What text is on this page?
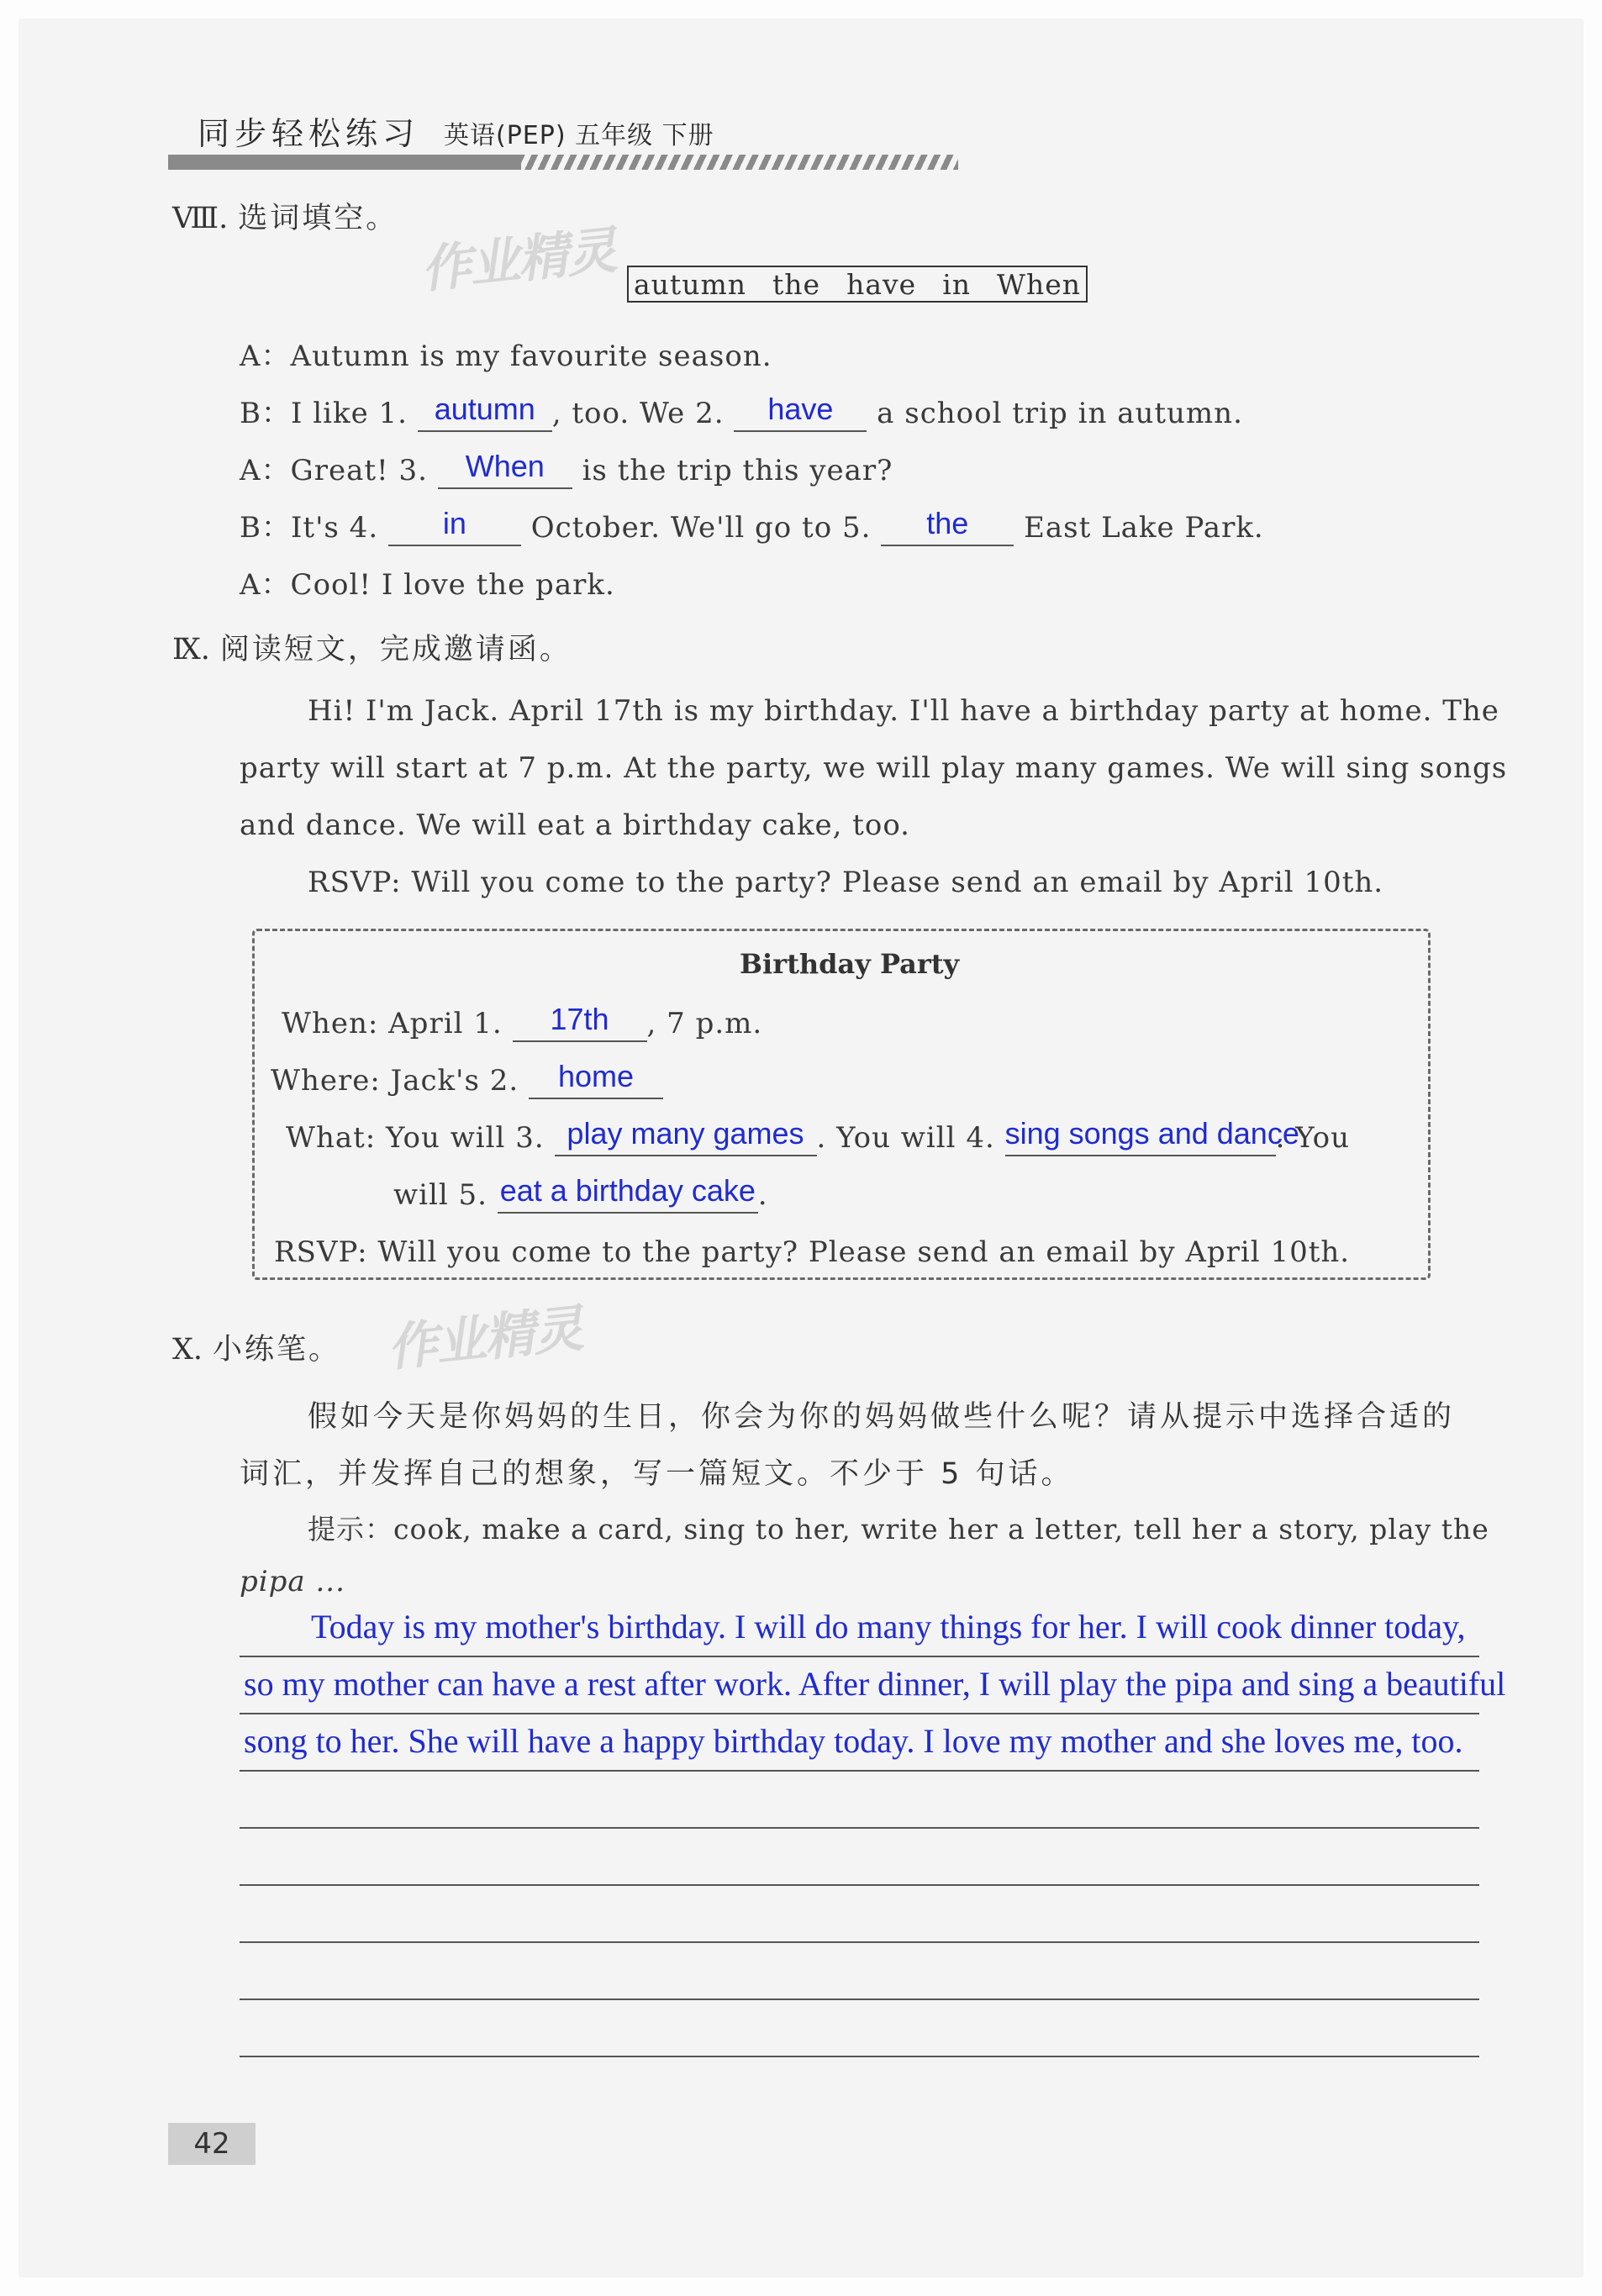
同步轻松练习 英语(PEP) 五年级 下册
Ⅷ. 选词填空。
作业精灵 autumn the have in When
A：Autumn is my favourite season.
B：I like 1. autumn , too. We 2.	have	a school trip in autumn.
A：Great! 3.	When	is the trip this year?
B：It's 4.	in	October. We'll go to 5.	the	East Lake Park.
A：Cool! I love the park.
Ⅸ. 阅读短文，完成邀请函。
Hi! I'm Jack. April 17th is my birthday. I'll have a birthday party at home. The
party will start at 7 p.m. At the party, we will play many games. We will sing songs
and dance. We will eat a birthday cake, too.
RSVP: Will you come to the party? Please send an email by April 10th.
Birthday Party
When: April 1.	17th	, 7 p.m.
Where: Jack's 2.	home

What: You will 3. play many games . You will 4. sing songs and dance
. You
will 5. eat a birthday cake .
RSVP: Will you come to the party? Please send an email by April 10th.
Ⅹ. 小练笔。 作业精灵
假如今天是你妈妈的生日，你会为你的妈妈做些什么呢？请从提示中选择合适的
词汇，并发挥自己的想象，写一篇短文。不少于 5 句话。
提示：cook, make a card, sing to her, write her a letter, tell her a story, play the
pipa ...
Today is my mother's birthday. I will do many things for her. I will cook dinner today,
so my mother can have a rest after work. After dinner, I will play the pipa and sing a beautiful
song to her. She will have a happy birthday today. I love my mother and she loves me, too.
42
